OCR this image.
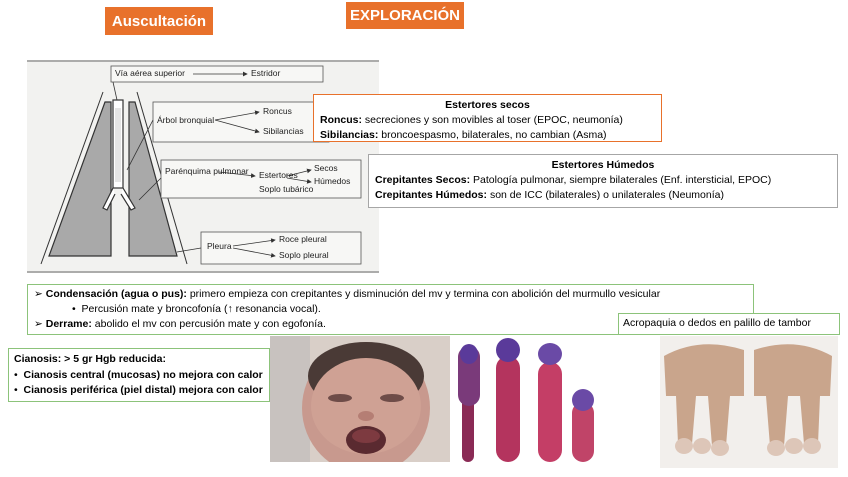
Auscultación	EXPLORACIÓN
Vía aérea superior	Estridor
Árbol bronquial
Roncus
Sibilancias
Parénquima pulmonar Estertores
Secos
Húmedos
Soplo tubárico
Pleura
Roce pleural
Soplo pleural
Estertores secos
Roncus: secreciones y son movibles al toser (EPOC, neumonía)
Sibilancias: broncoespasmo, bilaterales, no cambian (Asma)
Estertores Húmedos
Crepitantes Secos: Patología pulmonar, siempre bilaterales (Enf. intersticial, EPOC)
Crepitantes Húmedos: son de ICC (bilaterales) o unilaterales (Neumonía)
➢ Condensación (agua o pus): primero empieza con crepitantes y disminución del mv y termina con abolición del murmullo vesicular
• Percusión mate y broncofonía (↑ resonancia vocal).
➢ Derrame: abolido el mv con percusión mate y con egofonía.	Acropaquia o dedos en palillo de tambor
Cianosis: > 5 gr Hgb reducida:
• Cianosis central (mucosas) no mejora con calor
• Cianosis periférica (piel distal) mejora con calor
